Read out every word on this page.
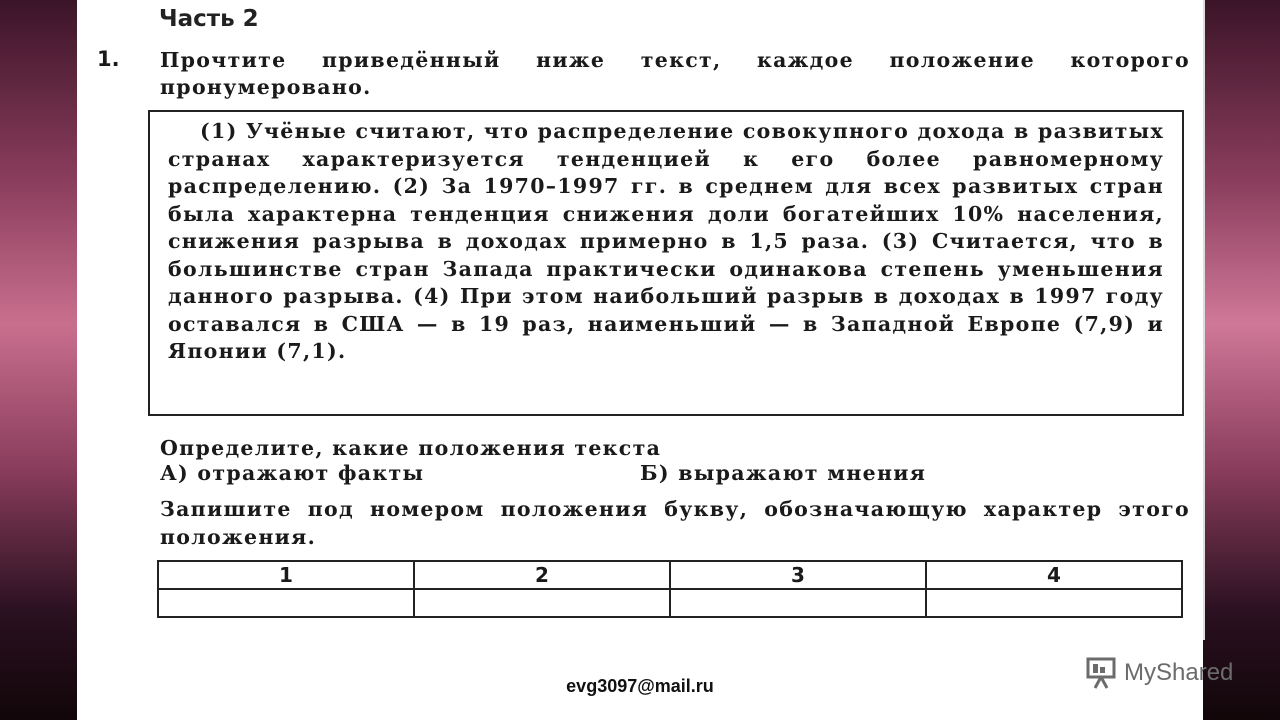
Часть 2
1. Прочтите приведённый ниже текст, каждое положение которого пронумеровано.

(1) Учёные считают, что распределение совокупного дохода в развитых странах характеризуется тенденцией к его более равномерному распределению. (2) За 1970–1997 гг. в среднем для всех развитых стран была характерна тенденция снижения доли богатейших 10% населения, снижения разрыва в доходах примерно в 1,5 раза. (3) Считается, что в большинстве стран Запада практически одинакова степень уменьшения данного разрыва. (4) При этом наибольший разрыв в доходах в 1997 году оставался в США — в 19 раз, наименьший — в Западной Европе (7,9) и Японии (7,1).

Определите, какие положения текста
А) отражают факты	Б) выражают мнения
Запишите под номером положения букву, обозначающую характер этого положения.
1	2	3	4

evg3097@mail.ru	MyShared
